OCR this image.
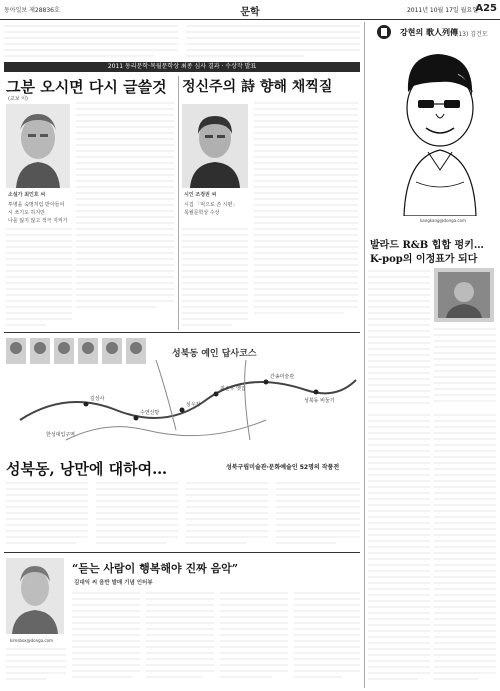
동아일보 제28836호	문학	2011년 10월 17일 월요일
A25
2011 동리문학‧목월문학상 최종 심사 결과 · 수상작 발표
그분 오시면 다시 글쓸것
(교보 이)
소설가 최인호 씨
투병을 숙명처럼 받아들여
시 쓰기도 하지만
나를 잃지 않고 적극 지켜가
정신주의 詩 향해 채찍질
시인 조정권 씨
시집 「먹으로 쓴 시편」
목월문학상 수상
강현의 歌人列傳
(13) 김건모
kangkang@donga.com
발라드 R&B 힙합 펑키…
K-pop의 이정표가 되다
성북동 예인 답사코스
길상사
수연산방
심우장
최순우 옛집
간송미술관
성북동 비둘기
한성대입구역
성북동, 낭만에 대하여…	성북구립미술관‧문화예술인 52명의 작품전
kimsbox@donga.com
“듣는 사람이 행복해야 진짜 음악”
김대익 씨 음반 발매 기념 인터뷰
